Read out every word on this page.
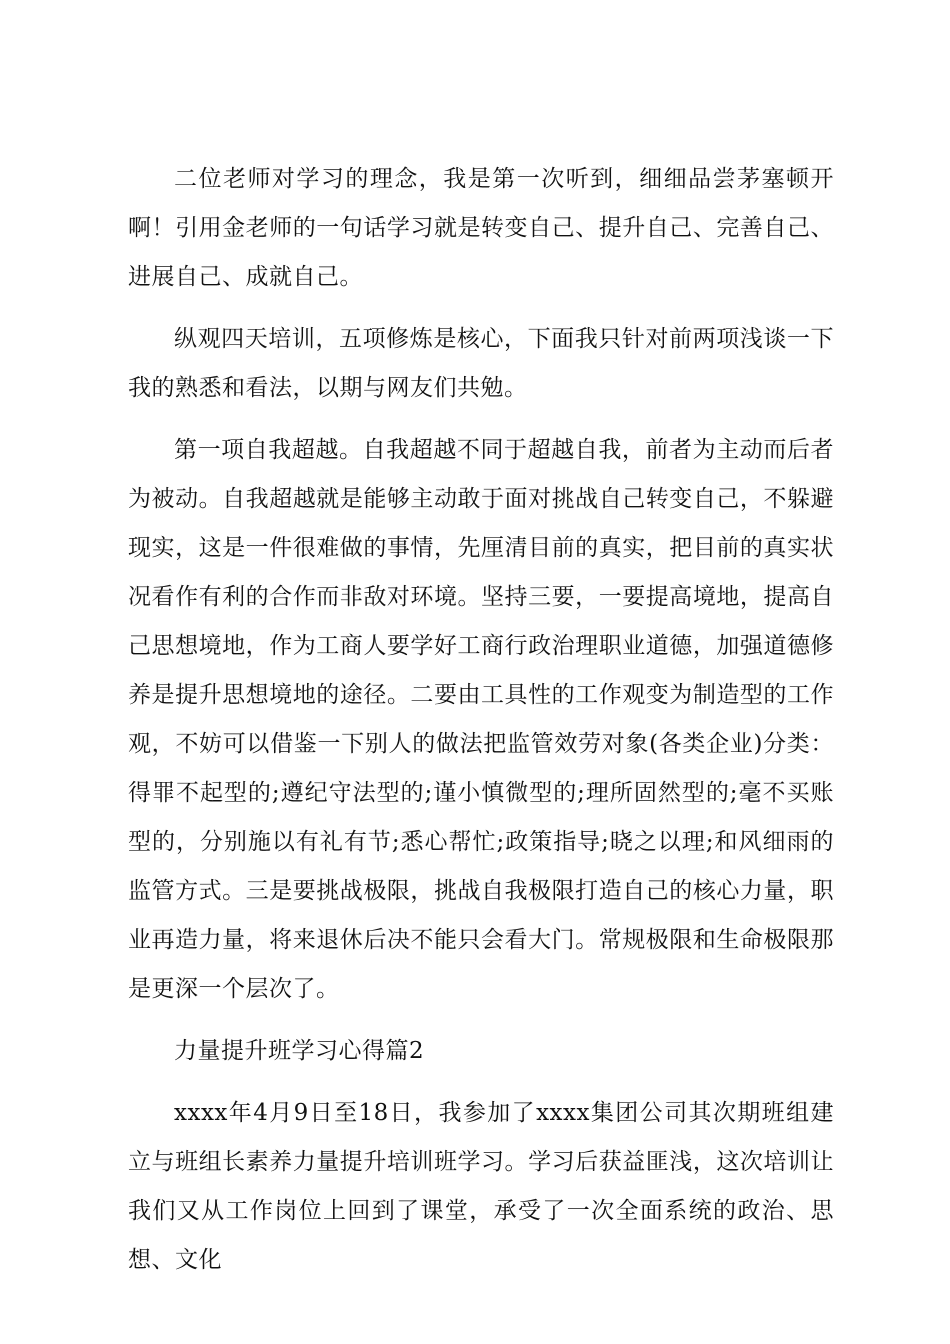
二位老师对学习的理念，我是第一次听到，细细品尝茅塞顿开啊！引用金老师的一句话学习就是转变自己、提升自己、完善自己、进展自己、成就自己。

纵观四天培训，五项修炼是核心，下面我只针对前两项浅谈一下我的熟悉和看法，以期与网友们共勉。

第一项自我超越。自我超越不同于超越自我，前者为主动而后者为被动。自我超越就是能够主动敢于面对挑战自己转变自己，不躲避现实，这是一件很难做的事情，先厘清目前的真实，把目前的真实状况看作有利的合作而非敌对环境。坚持三要，一要提高境地，提高自己思想境地，作为工商人要学好工商行政治理职业道德，加强道德修养是提升思想境地的途径。二要由工具性的工作观变为制造型的工作观，不妨可以借鉴一下别人的做法把监管效劳对象(各类企业)分类：得罪不起型的;遵纪守法型的;谨小慎微型的;理所固然型的;毫不买账型的，分别施以有礼有节;悉心帮忙;政策指导;晓之以理;和风细雨的监管方式。三是要挑战极限，挑战自我极限打造自己的核心力量，职业再造力量，将来退休后决不能只会看大门。常规极限和生命极限那是更深一个层次了。

力量提升班学习心得篇2

xxxx年4月9日至18日，我参加了xxxx集团公司其次期班组建立与班组长素养力量提升培训班学习。学习后获益匪浅，这次培训让我们又从工作岗位上回到了课堂，承受了一次全面系统的政治、思想、文化
